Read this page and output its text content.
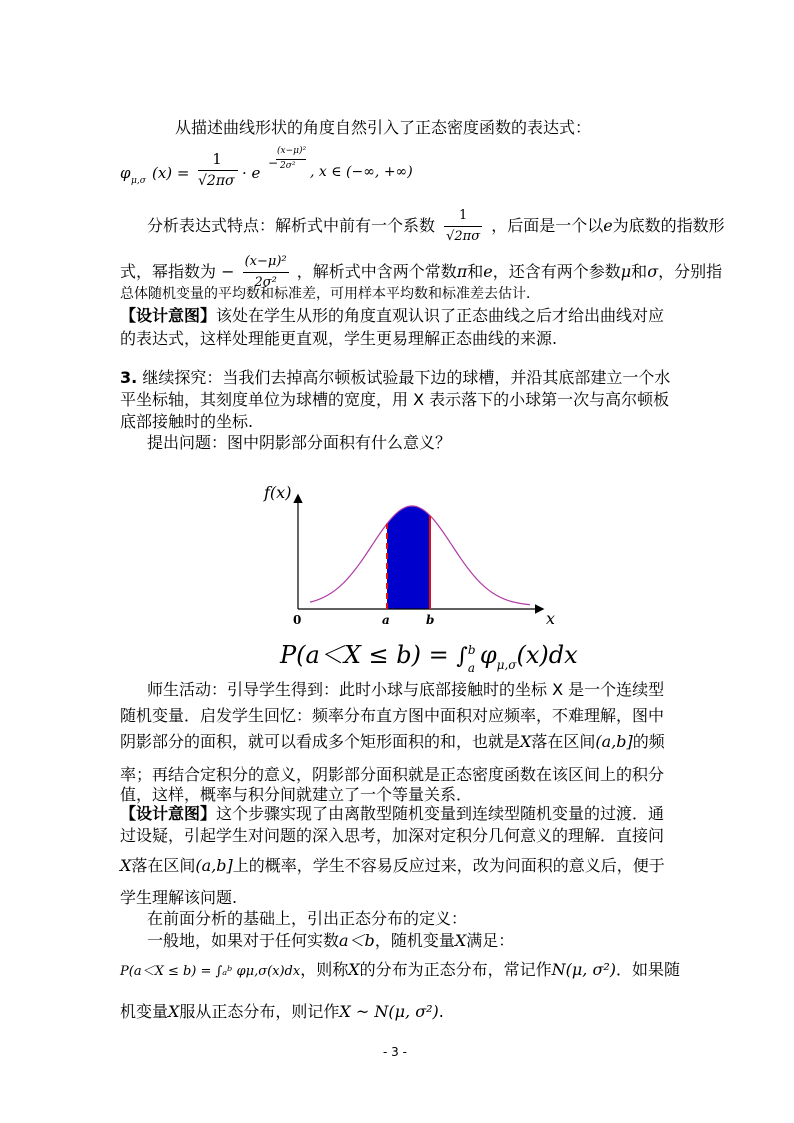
从描述曲线形状的角度自然引入了正态密度函数的表达式：
φ μ,σ (x) =
1
√2πσ · e
−
(x−μ)²
2σ² , x ∈ (−∞, +∞)
分析表达式特点：解析式中前有一个系数 $\frac{1}{√2\pi\sigma}$ ，后面是一个以e为底数的指数形
式，幂指数为 − $\frac{\text{(x−μ)²}}{\text{2σ²}}$ ，解析式中含两个常数π和e，还含有两个参数μ和σ，分别指
总体随机变量的平均数和标准差，可用样本平均数和标准差去估计．
【设计意图】该处在学生从形的角度直观认识了正态曲线之后才给出曲线对应
的表达式，这样处理能更直观，学生更易理解正态曲线的来源.
3. 继续探究：当我们去掉高尔顿板试验最下边的球槽，并沿其底部建立一个水
平坐标轴，其刻度单位为球槽的宽度，用 X 表示落下的小球第一次与高尔顿板
底部接触时的坐标.
提出问题：图中阴影部分面积有什么意义？
f(x)
x
0	a	b
P(a＜X ≤ b) = ∫ b
a $\varphi_{\mu,\sigma}(x)dx$
师生活动：引导学生得到：此时小球与底部接触时的坐标 X 是一个连续型
随机变量．启发学生回忆：频率分布直方图中面积对应频率，不难理解，图中
阴影部分的面积，就可以看成多个矩形面积的和，也就是X落在区间(a,b]的频
率；再结合定积分的意义，阴影部分面积就是正态密度函数在该区间上的积分
值，这样，概率与积分间就建立了一个等量关系．
【设计意图】这个步骤实现了由离散型随机变量到连续型随机变量的过渡．通
过设疑，引起学生对问题的深入思考，加深对定积分几何意义的理解．直接问
X落在区间(a,b]上的概率，学生不容易反应过来，改为问面积的意义后，便于
学生理解该问题.
在前面分析的基础上，引出正态分布的定义：
一般地，如果对于任何实数a＜b，随机变量X满足：
P(a＜X ≤ b) = ∫ₐᵇ φμ,σ(x)dx，则称X的分布为正态分布，常记作N(μ, σ²)．如果随
机变量X服从正态分布，则记作X ~ N(μ, σ²).
- 3 -
